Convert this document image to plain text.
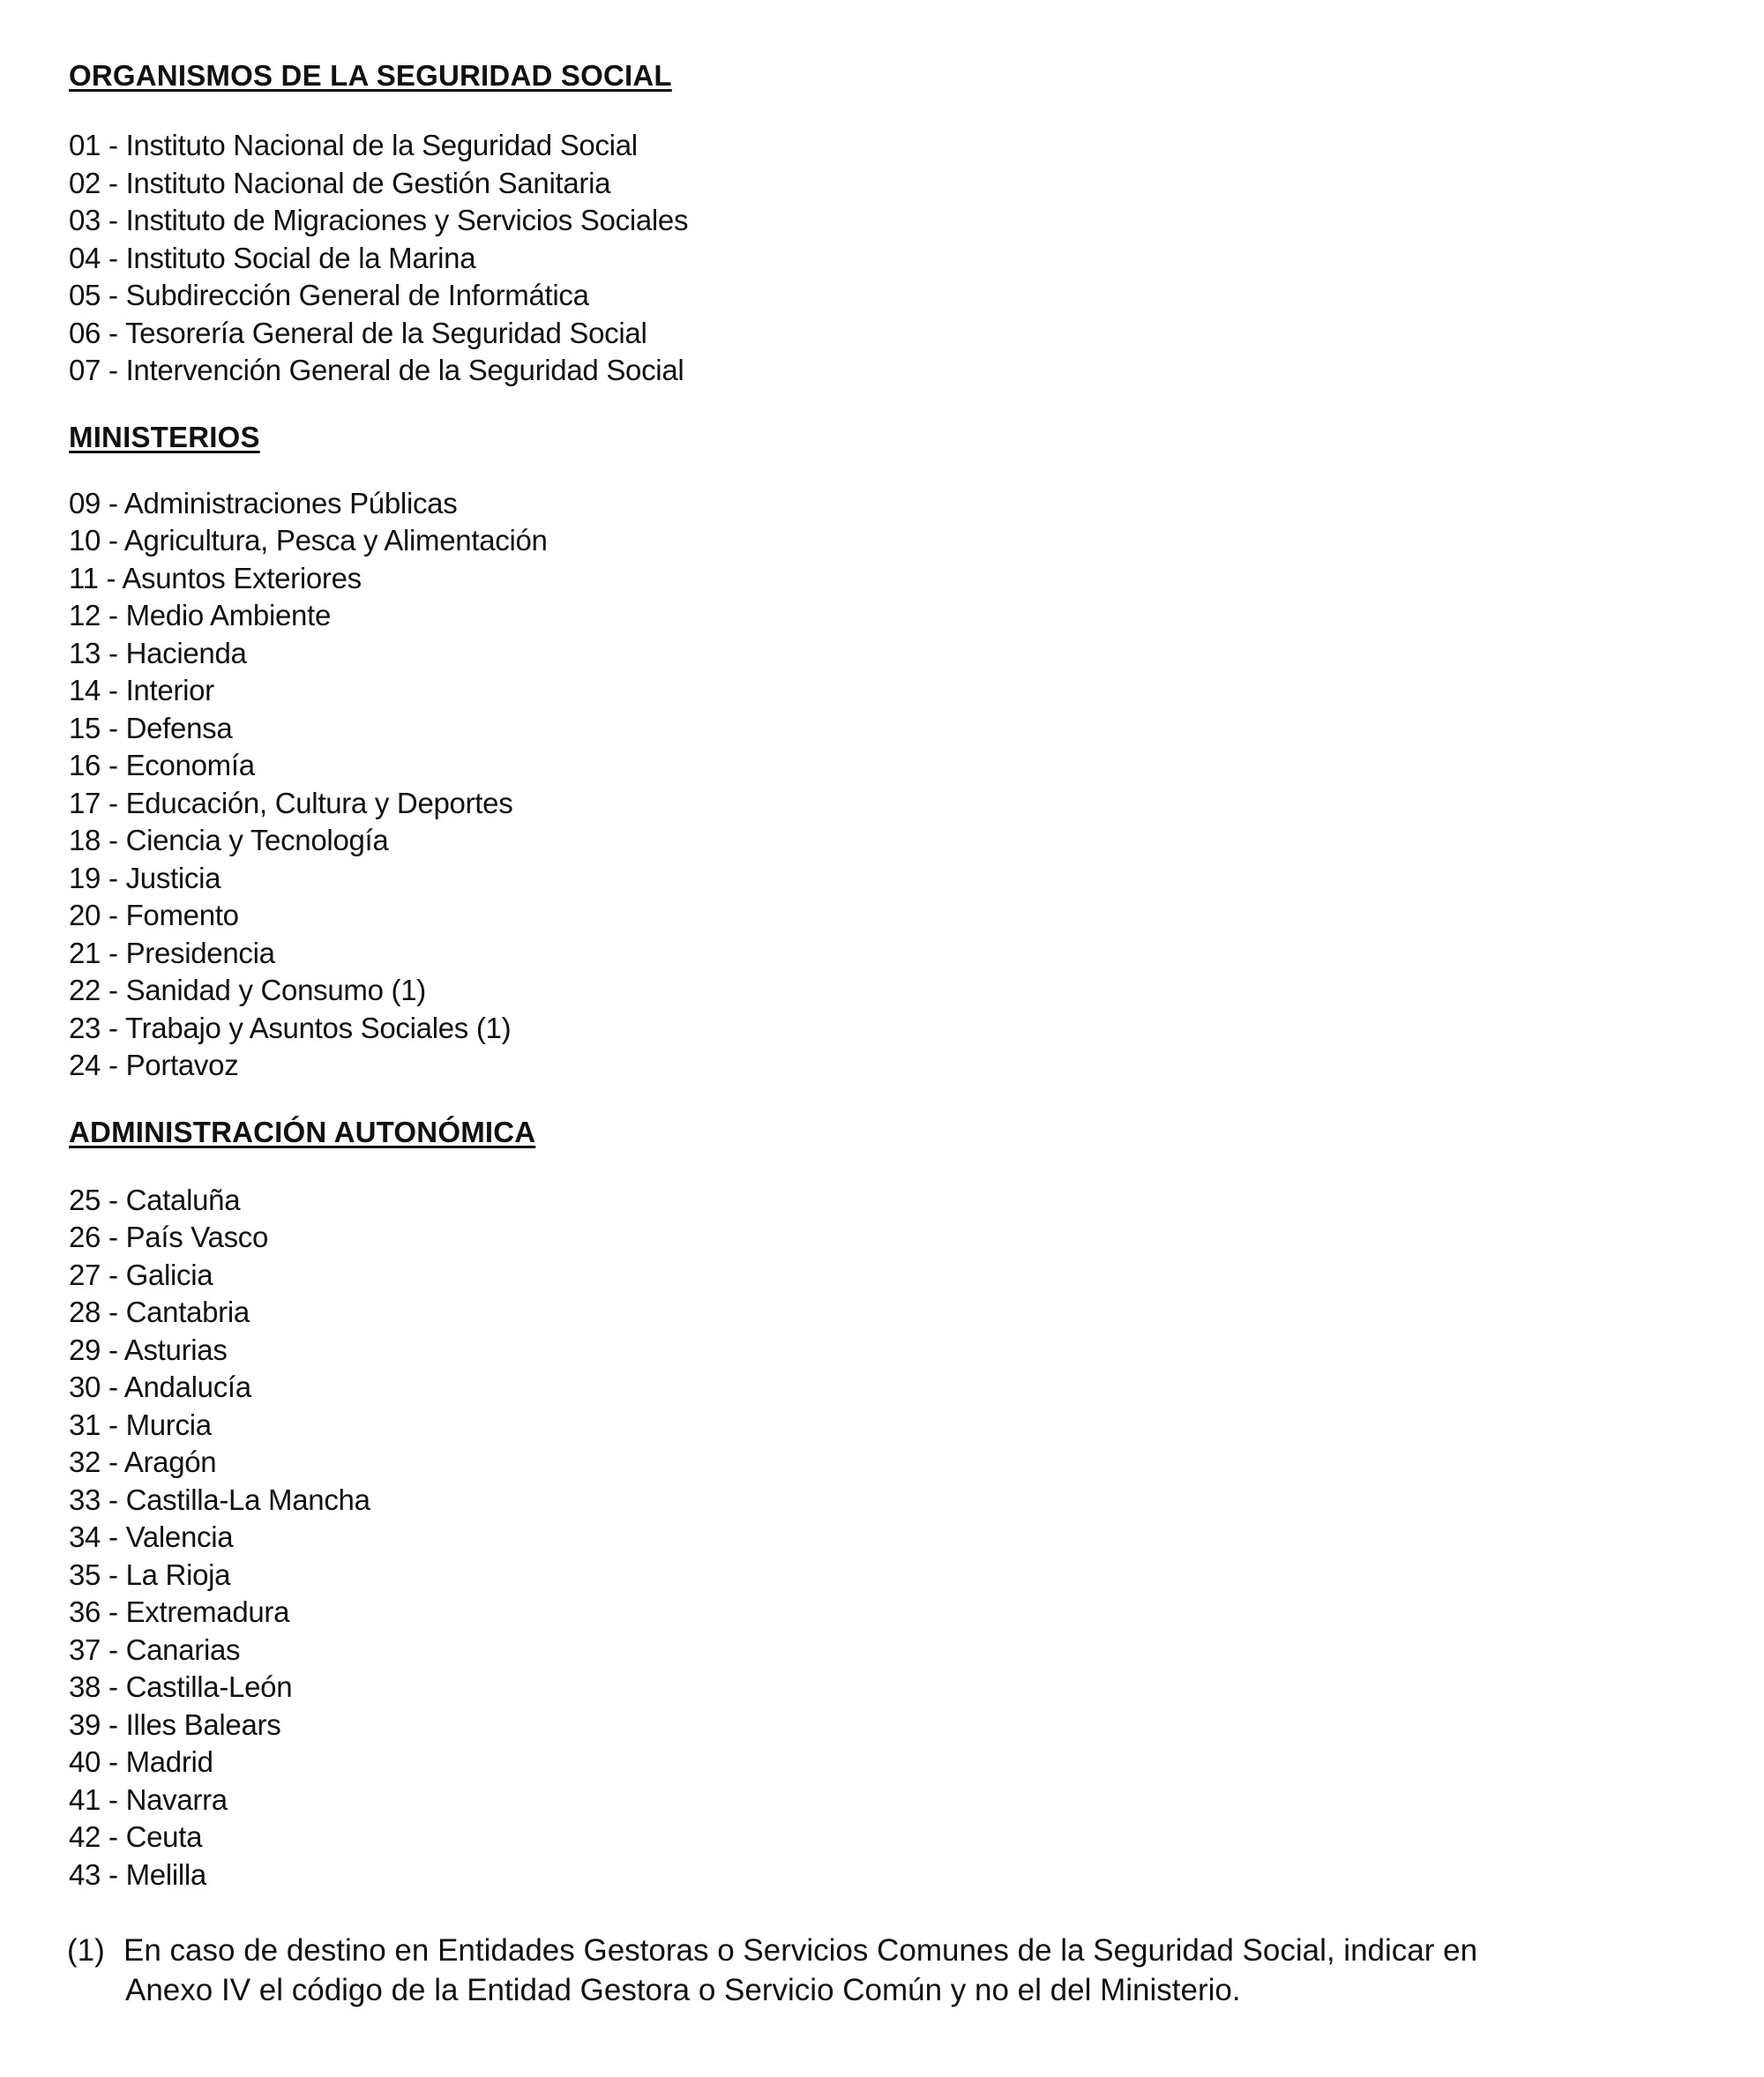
ORGANISMOS DE LA SEGURIDAD SOCIAL
01 - Instituto Nacional de la Seguridad Social
02 - Instituto Nacional de Gestión Sanitaria
03 - Instituto de Migraciones y Servicios Sociales
04 - Instituto Social de la Marina
05 - Subdirección General de Informática
06 - Tesorería General de la Seguridad Social
07 - Intervención General de la Seguridad Social
MINISTERIOS
09 - Administraciones Públicas
10 - Agricultura, Pesca y Alimentación
11 - Asuntos Exteriores
12 - Medio Ambiente
13 - Hacienda
14 - Interior
15 - Defensa
16 - Economía
17 - Educación, Cultura y Deportes
18 - Ciencia y Tecnología
19 - Justicia
20 - Fomento
21 - Presidencia
22 - Sanidad y Consumo (1)
23 - Trabajo y Asuntos Sociales (1)
24 - Portavoz
ADMINISTRACIÓN AUTONÓMICA
25 - Cataluña
26 - País Vasco
27 - Galicia
28 - Cantabria
29 - Asturias
30 - Andalucía
31 - Murcia
32 - Aragón
33 - Castilla-La Mancha
34 - Valencia
35 - La Rioja
36 - Extremadura
37 - Canarias
38 - Castilla-León
39 - Illes Balears
40 - Madrid
41 - Navarra
42 - Ceuta
43 - Melilla
(1) En caso de destino en Entidades Gestoras o Servicios Comunes de la Seguridad Social, indicar en
Anexo IV el código de la Entidad Gestora o Servicio Común y no el del Ministerio.
